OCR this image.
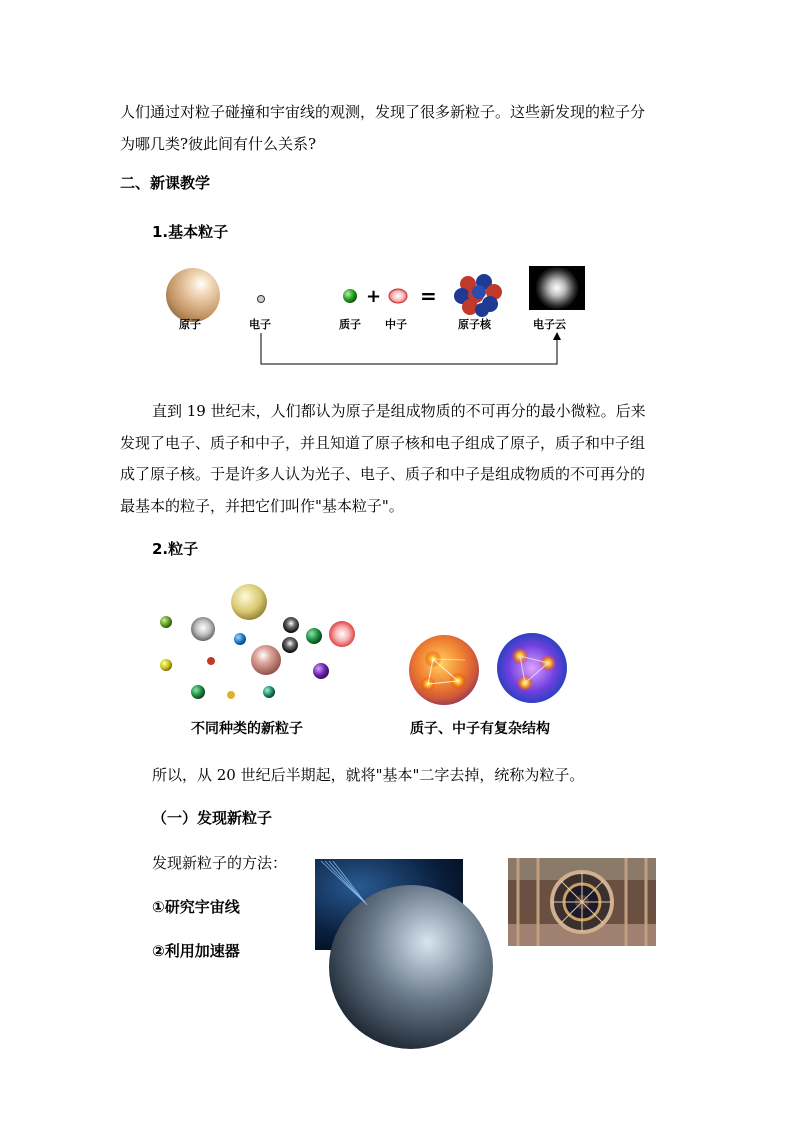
人们通过对粒子碰撞和宇宙线的观测，发现了很多新粒子。这些新发现的粒子分

为哪几类?彼此间有什么关系?

二、新课教学

1.基本粒子

+ =
原子	电子	质子 中子	原子核	电子云

直到 19 世纪末，人们都认为原子是组成物质的不可再分的最小微粒。后来

发现了电子、质子和中子，并且知道了原子核和电子组成了原子，质子和中子组

成了原子核。于是许多人认为光子、电子、质子和中子是组成物质的不可再分的

最基本的粒子，并把它们叫作"基本粒子"。

2.粒子

不同种类的新粒子	质子、中子有复杂结构

所以，从 20 世纪后半期起，就将"基本"二字去掉，统称为粒子。

（一）发现新粒子

发现新粒子的方法：

①研究宇宙线

②利用加速器
